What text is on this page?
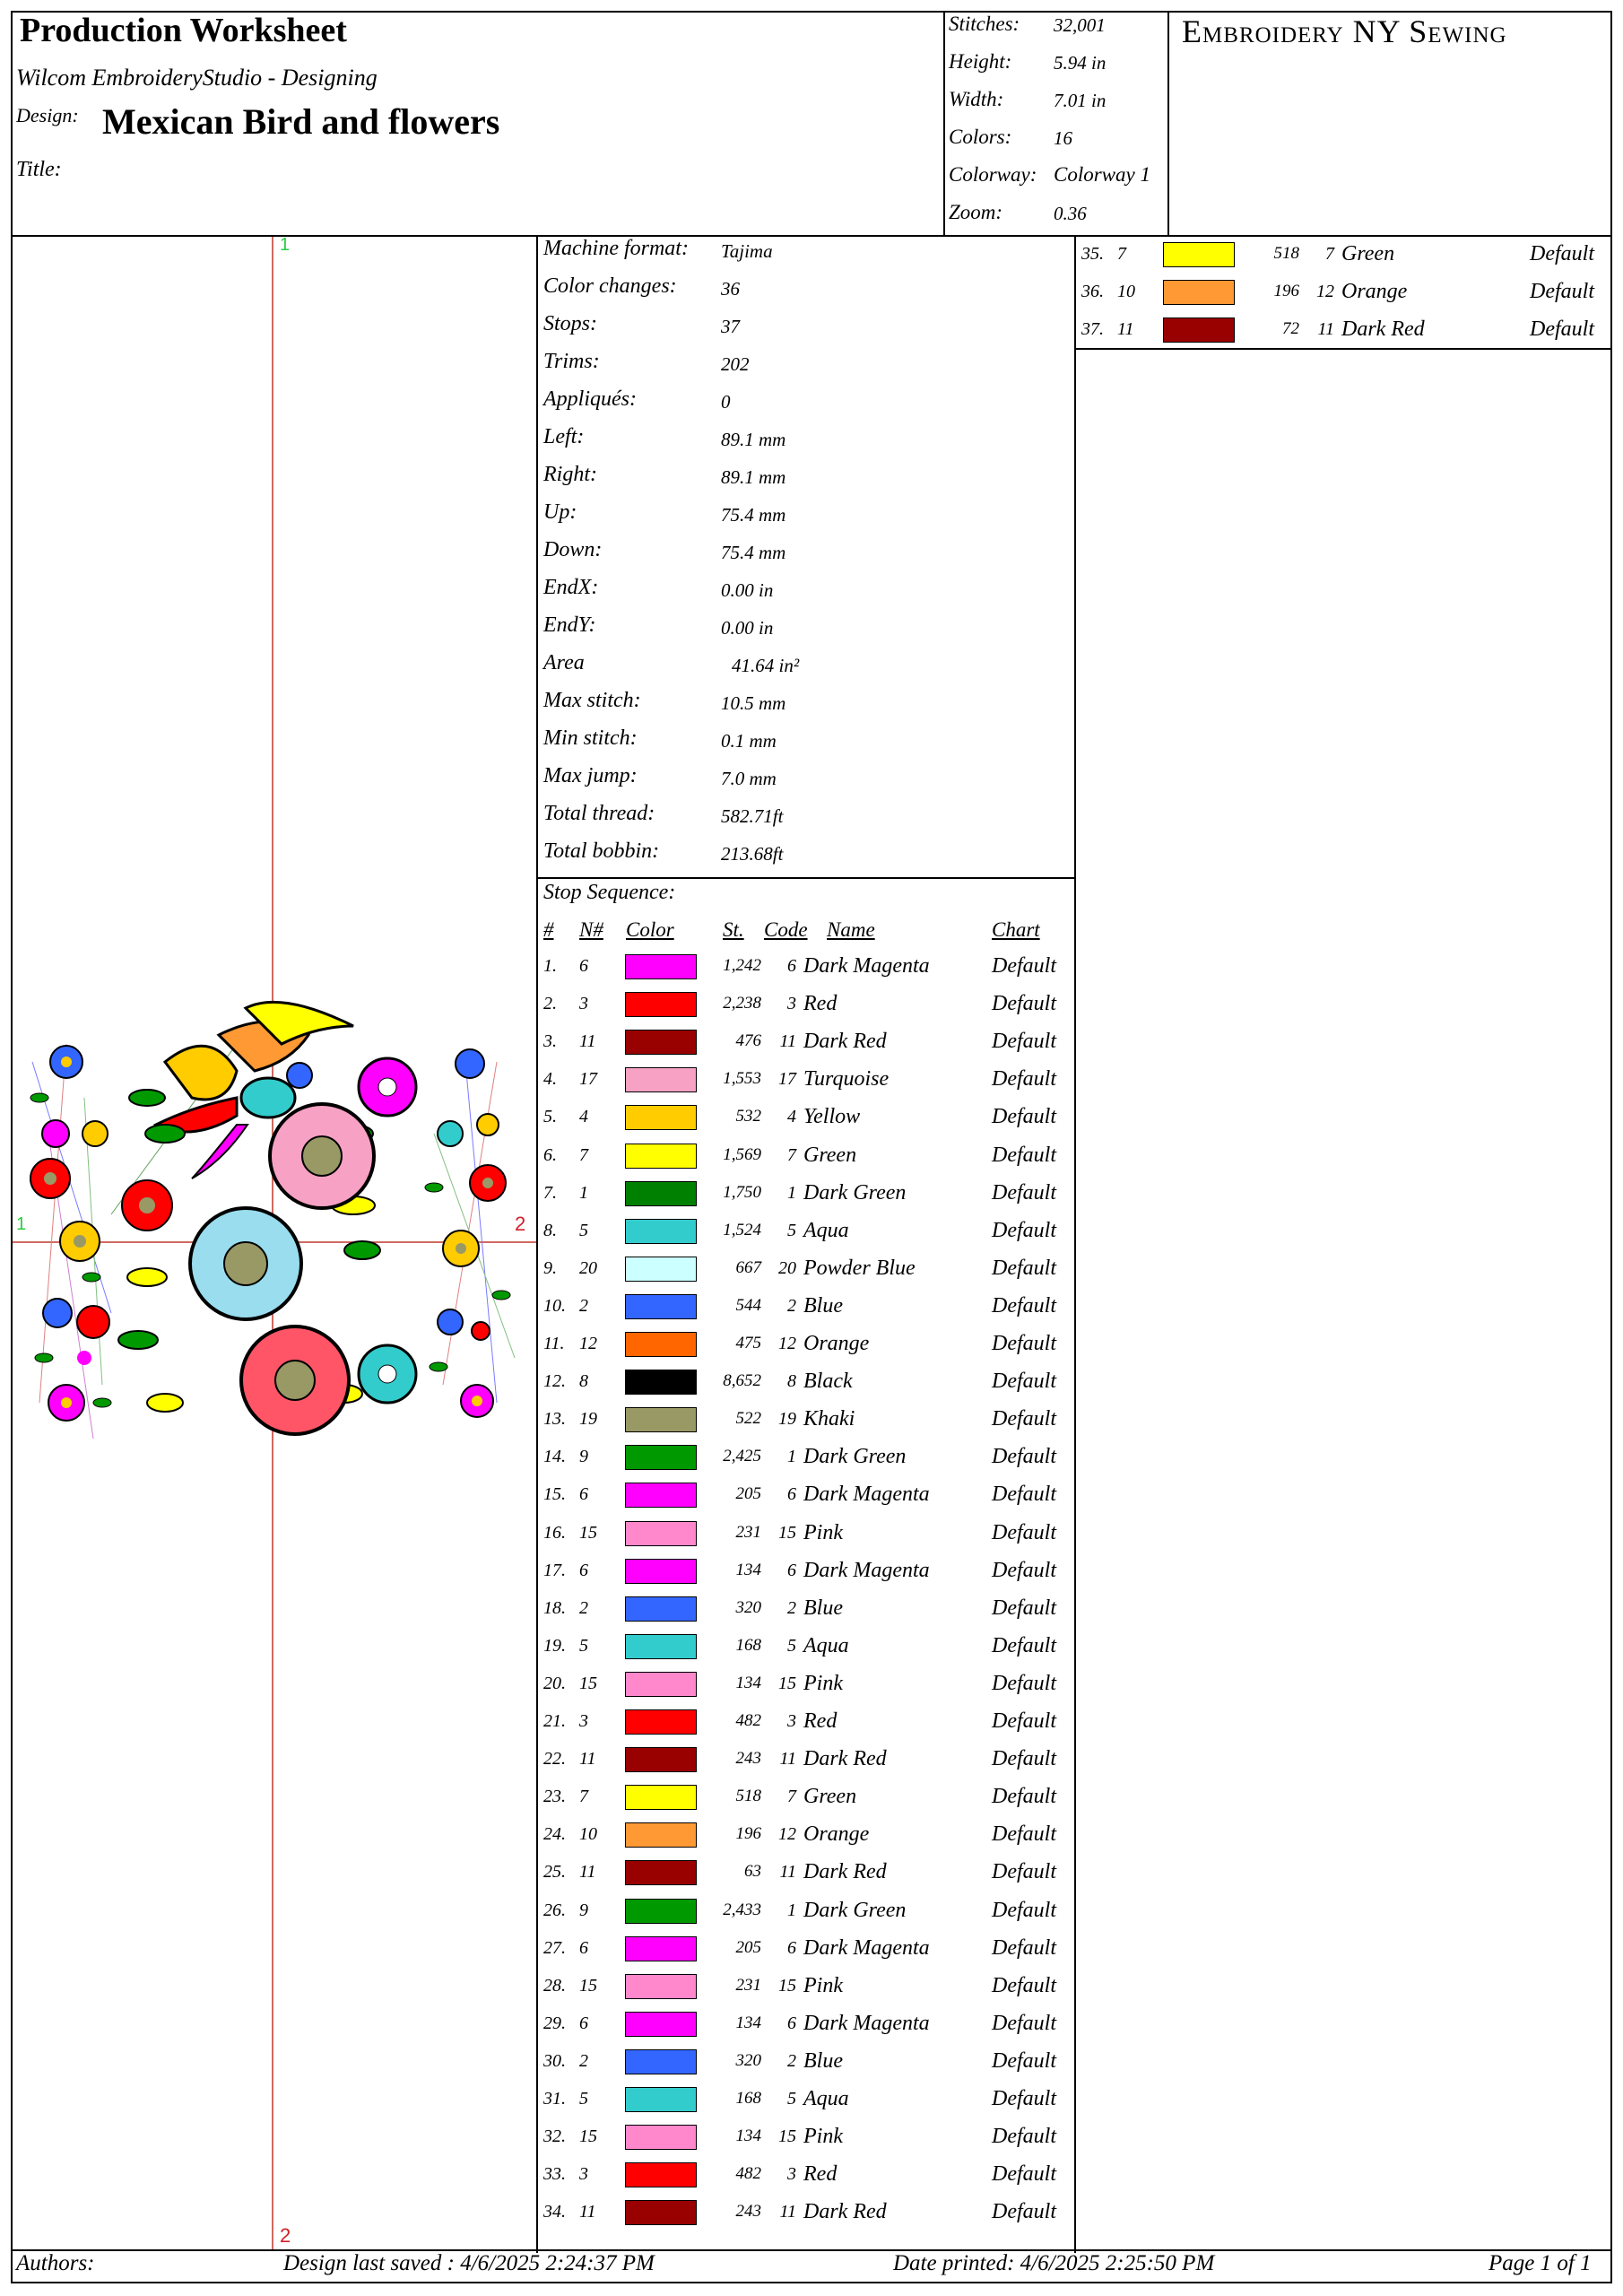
Production Worksheet
Wilcom EmbroideryStudio - Designing
Design: Mexican Bird and flowers
Title:
Stitches: 32,001
Height: 5.94 in
Width:	7.01 in
Colors: 16
Colorway: Colorway 1
Zoom:	0.36
Embroidery NY Sewing
1
2
1	2
Machine format: Tajima
Color changes: 36
Stops:	37
Trims:	202
Appliqués:	0
Left:	89.1 mm
Right:	89.1 mm
Up:	75.4 mm
Down:	75.4 mm
EndX:	0.00 in
EndY:	0.00 in
Area	41.64 in²
Max stitch:	10.5 mm
Min stitch:	0.1 mm
Max jump:	7.0 mm
Total thread:	582.71ft
Total bobbin:	213.68ft
Stop Sequence:
# N# Color St. Code Name	Chart
1. 6	1,242	6 Dark Magenta	Default
2. 3	2,238	3 Red	Default
3. 11	476	11 Dark Red	Default
4. 17	1,553 17 Turquoise	Default
5. 4	532	4 Yellow	Default
6. 7	1,569	7 Green	Default
7. 1	1,750	1 Dark Green	Default
8. 5	1,524	5 Aqua	Default
9. 20	667 20 Powder Blue	Default
10. 2	544	2 Blue	Default
11. 12	475 12 Orange	Default
12. 8	8,652	8 Black	Default
13. 19	522 19 Khaki	Default
14. 9	2,425	1 Dark Green	Default
15. 6	205	6 Dark Magenta	Default
16. 15	231 15 Pink	Default
17. 6	134	6 Dark Magenta	Default
18. 2	320	2 Blue	Default
19. 5	168	5 Aqua	Default
20. 15	134 15 Pink	Default
21. 3	482	3 Red	Default
22. 11	243	11 Dark Red	Default
23. 7	518	7 Green	Default
24. 10	196 12 Orange	Default
25. 11	63	11 Dark Red	Default
26. 9	2,433	1 Dark Green	Default
27. 6	205	6 Dark Magenta	Default
28. 15	231 15 Pink	Default
29. 6	134	6 Dark Magenta	Default
30. 2	320	2 Blue	Default
31. 5	168	5 Aqua	Default
32. 15	134 15 Pink	Default
33. 3	482	3 Red	Default
34. 11	243	11 Dark Red	Default
35. 7	518	7 Green	Default
36. 10	196 12 Orange	Default
37. 11	72	11 Dark Red	Default
Authors:	Design last saved : 4/6/2025 2:24:37 PM	Date printed: 4/6/2025 2:25:50 PM	Page 1 of 1
